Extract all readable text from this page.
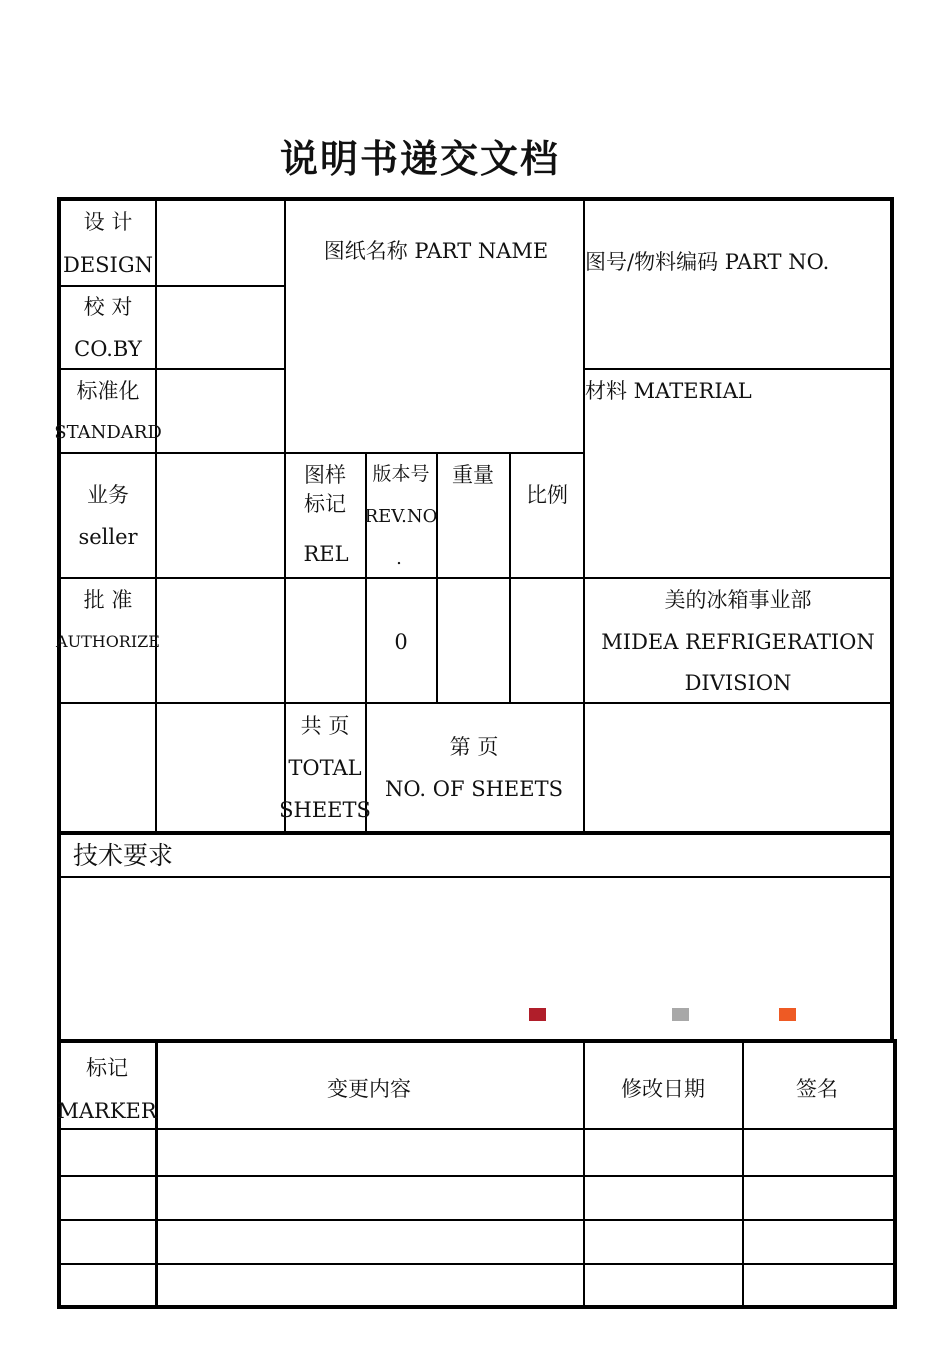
说明书递交文档
设 计
DESIGN
校 对
CO.BY
标准化
STANDARD
业务
seller
批 准
AUTHORIZE
图纸名称 PART NAME 图号/物料编码 PART NO.
材料 MATERIAL
图样
标记
REL
版本号
REV.NO
.
重量
比例
0
美的冰箱事业部
MIDEA REFRIGERATION
DIVISION
共 页
TOTAL
SHEETS
第 页
NO. OF SHEETS
技术要求
标记
MARKER
变更内容	修改日期	签名
